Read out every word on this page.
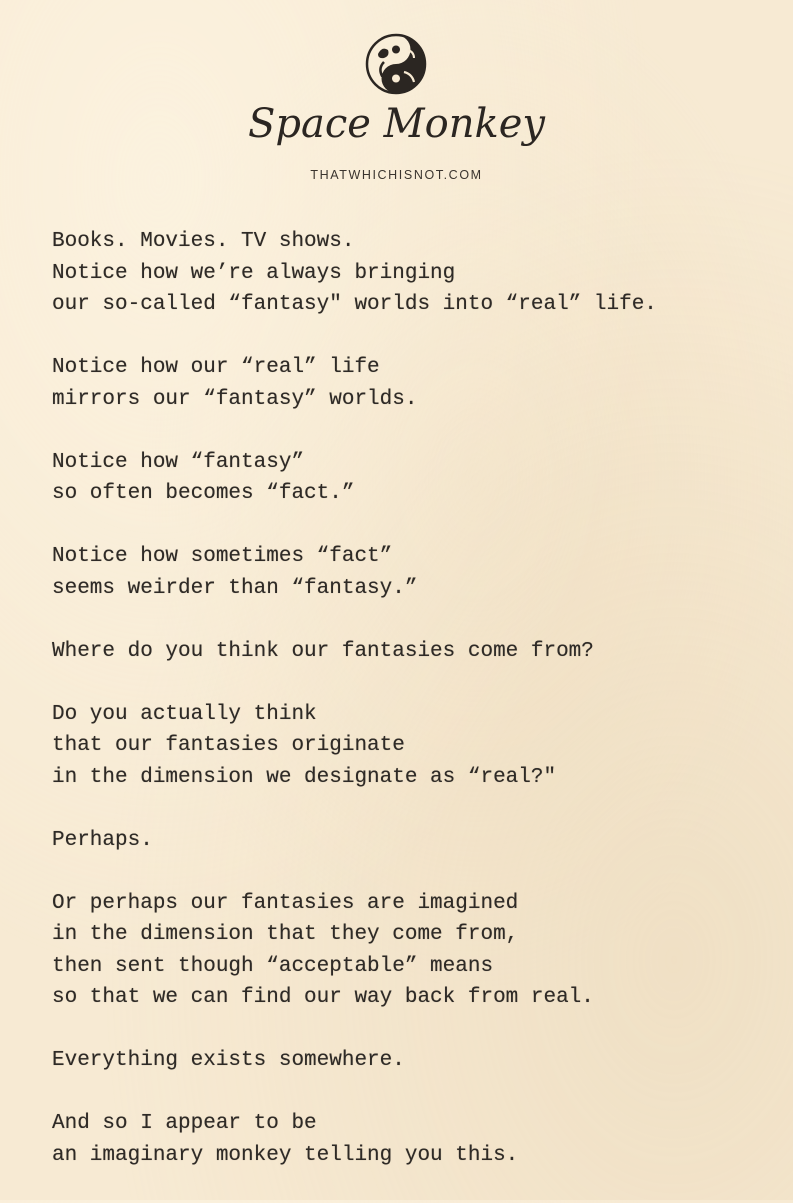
Space Monkey
THATWHICHISNOT.COM
Books. Movies. TV shows.
Notice how we’re always bringing
our so-called “fantasy" worlds into “real” life.
Notice how our “real” life
mirrors our “fantasy” worlds.
Notice how “fantasy”
so often becomes “fact.”
Notice how sometimes “fact”
seems weirder than “fantasy.”
Where do you think our fantasies come from?
Do you actually think
that our fantasies originate
in the dimension we designate as “real?"
Perhaps.
Or perhaps our fantasies are imagined
in the dimension that they come from,
then sent though “acceptable” means
so that we can find our way back from real.
Everything exists somewhere.
And so I appear to be
an imaginary monkey telling you this.
